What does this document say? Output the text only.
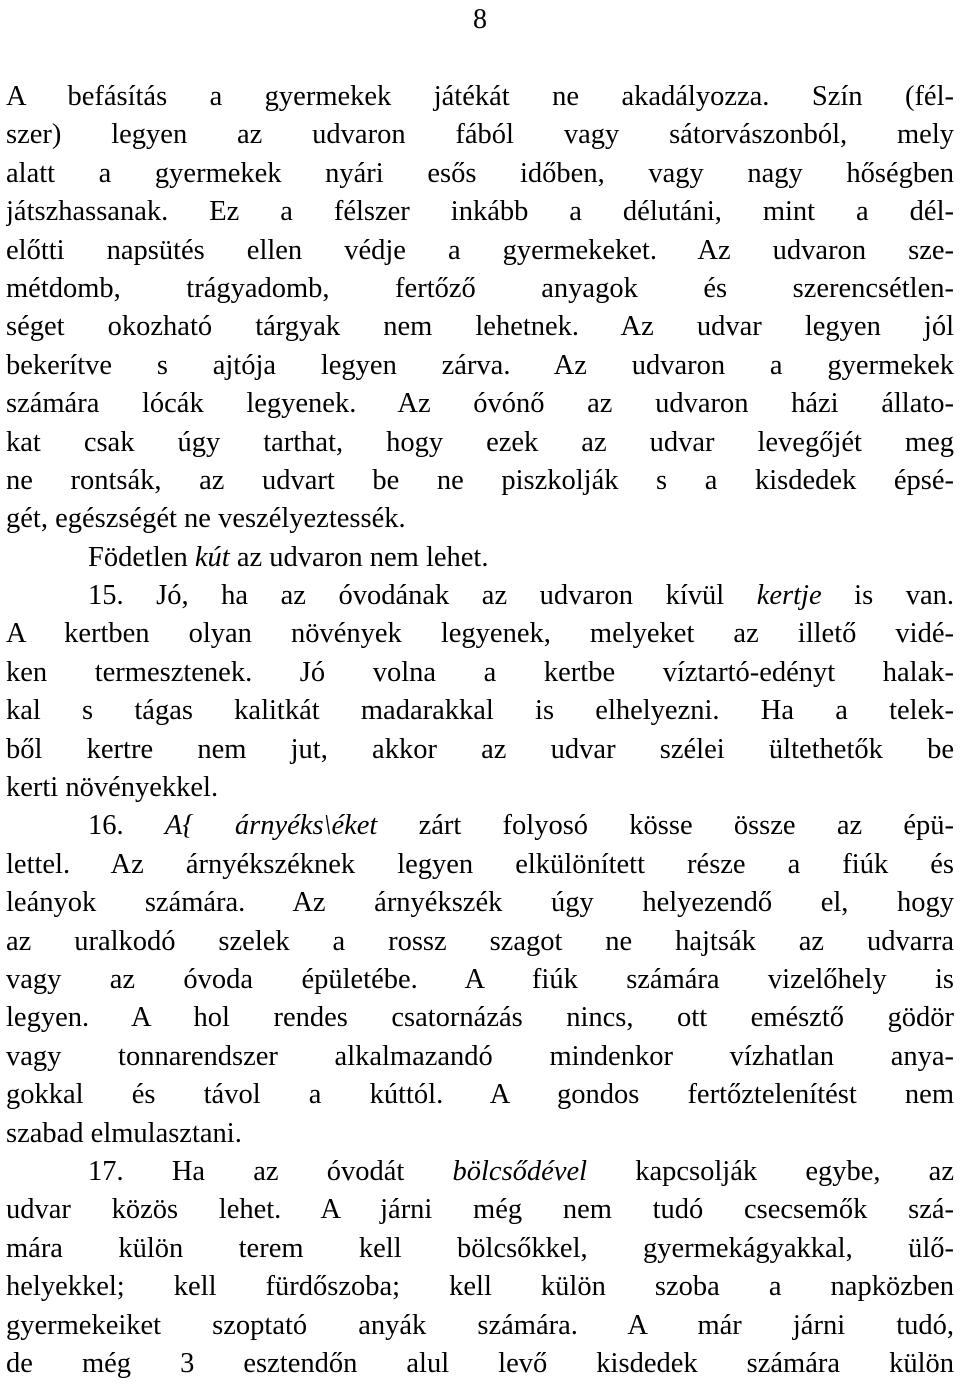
8
A befásítás a gyermekek játékát ne akadályozza. Szín (fél-
szer) legyen az udvaron fából vagy sátorvászonból, mely
alatt a gyermekek nyári esős időben, vagy nagy hőségben
játszhassanak. Ez a félszer inkább a délutáni, mint a dél-
előtti napsütés ellen védje a gyermekeket. Az udvaron sze-
métdomb, trágyadomb, fertőző anyagok és szerencsétlen-
séget okozható tárgyak nem lehetnek. Az udvar legyen jól
bekerítve s ajtója legyen zárva. Az udvaron a gyermekek
számára lócák legyenek. Az óvónő az udvaron házi állato-
kat csak úgy tarthat, hogy ezek az udvar levegőjét meg
ne rontsák, az udvart be ne piszkolják s a kisdedek épsé-
gét, egészségét ne veszélyeztessék.
Födetlen kút az udvaron nem lehet.
15. Jó, ha az óvodának az udvaron kívül kertje is van.
A kertben olyan növények legyenek, melyeket az illető vidé-
ken termesztenek. Jó volna a kertbe víztartó-edényt halak-
kal s tágas kalitkát madarakkal is elhelyezni. Ha a telek-
ből kertre nem jut, akkor az udvar szélei ültethetők be
kerti növényekkel.
16. A{ árnyéks\éket zárt folyosó kösse össze az épü-
lettel. Az árnyékszéknek legyen elkülönített része a fiúk és
leányok számára. Az árnyékszék úgy helyezendő el, hogy
az uralkodó szelek a rossz szagot ne hajtsák az udvarra
vagy az óvoda épületébe. A fiúk számára vizelőhely is
legyen. A hol rendes csatornázás nincs, ott emésztő gödör
vagy tonnarendszer alkalmazandó mindenkor vízhatlan anya-
gokkal és távol a kúttól. A gondos fertőztelenítést nem
szabad elmulasztani.
17. Ha az óvodát bölcsődével kapcsolják egybe, az
udvar közös lehet. A járni még nem tudó csecsemők szá-
mára külön terem kell bölcsőkkel, gyermekágyakkal, ülő-
helyekkel; kell fürdőszoba; kell külön szoba a napközben
gyermekeiket szoptató anyák számára. A már járni tudó,
de még 3 esztendőn alul levő kisdedek számára külön
